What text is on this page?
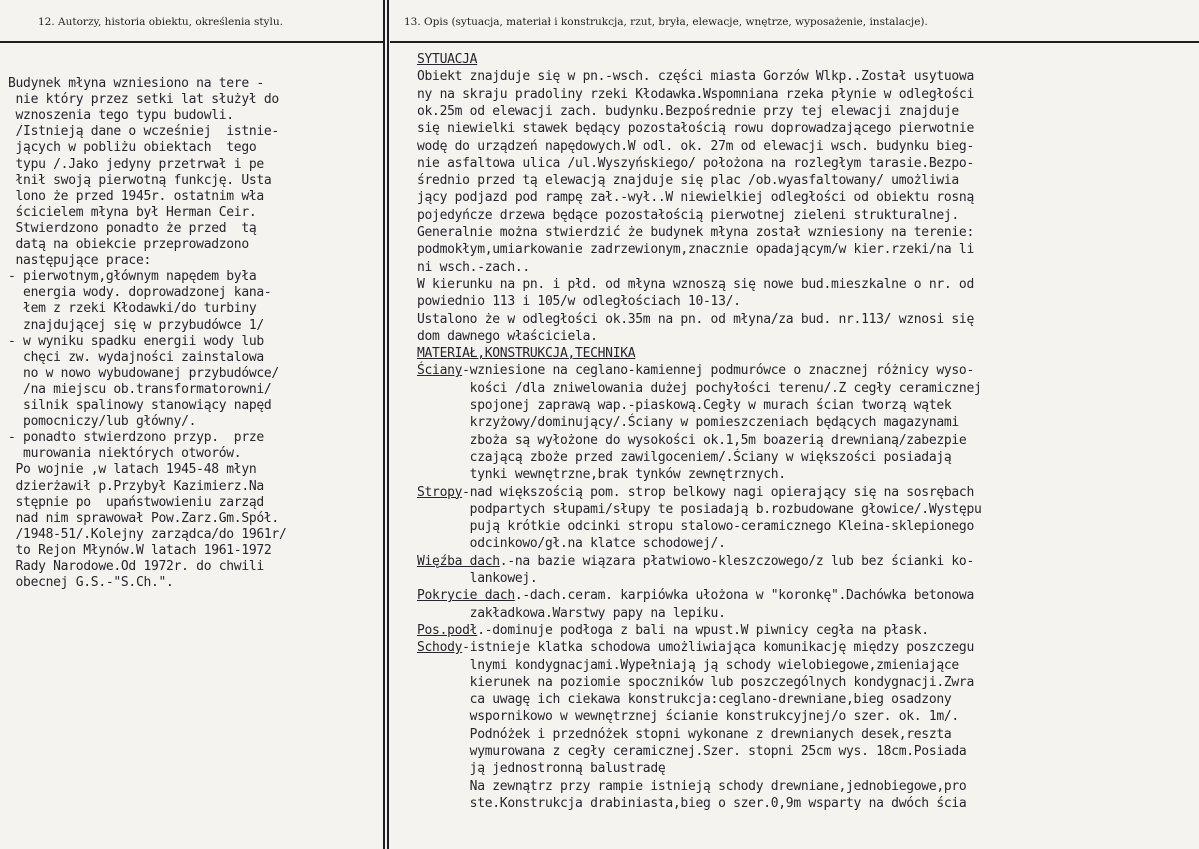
12. Autorzy, historia obiektu, określenia stylu.
Budynek młyna wzniesiono na tere -
nie który przez setki lat służył do
wznoszenia tego typu budowli.
/Istnieją dane o wcześniej  istnie-
jących w pobliżu obiektach  tego
typu /.Jako jedyny przetrwał i pe
łnił swoją pierwotną funkcję. Usta
lono że przed 1945r. ostatnim wła
ścicielem młyna był Herman Ceir.
Stwierdzono ponadto że przed  tą
datą na obiekcie przeprowadzono
następujące prace:
- pierwotnym,głównym napędem była
energia wody. doprowadzonej kana-
łem z rzeki Kłodawki/do turbiny
znajdującej się w przybudówce 1/
- w wyniku spadku energii wody lub
chęci zw. wydajności zainstalowa
no w nowo wybudowanej przybudówce/
/na miejscu ob.transformatorowni/
silnik spalinowy stanowiący napęd
pomocniczy/lub główny/.
- ponadto stwierdzono przyp.  prze
murowania niektórych otworów.
Po wojnie ,w latach 1945-48 młyn
dzierżawił p.Przybył Kazimierz.Na
stępnie po  upaństwowieniu zarząd
nad nim sprawował Pow.Zarz.Gm.Spół.
/1948-51/.Kolejny zarządca/do 1961r/
to Rejon Młynów.W latach 1961-1972
Rady Narodowe.Od 1972r. do chwili
obecnej G.S.-"S.Ch.".
13. Opis (sytuacja, materiał i konstrukcja, rzut, bryła, elewacje, wnętrze, wyposażenie, instalacje).
SYTUACJA
Obiekt znajduje się w pn.-wsch. części miasta Gorzów Wlkp..Został usytuowa
ny na skraju pradoliny rzeki Kłodawka.Wspomniana rzeka płynie w odległości
ok.25m od elewacji zach. budynku.Bezpośrednie przy tej elewacji znajduje
się niewielki stawek będący pozostałością rowu doprowadzającego pierwotnie
wodę do urządzeń napędowych.W odl. ok. 27m od elewacji wsch. budynku bieg-
nie asfaltowa ulica /ul.Wyszyńskiego/ położona na rozległym tarasie.Bezpo-
średnio przed tą elewacją znajduje się plac /ob.wyasfaltowany/ umożliwia
jący podjazd pod rampę zał.-wył..W niewielkiej odległości od obiektu rosną
pojedyńcze drzewa będące pozostałością pierwotnej zieleni strukturalnej.
Generalnie można stwierdzić że budynek młyna został wzniesiony na terenie:
podmokłym,umiarkowanie zadrzewionym,znacznie opadającym/w kier.rzeki/na li
ni wsch.-zach..
W kierunku na pn. i płd. od młyna wznoszą się nowe bud.mieszkalne o nr. od
powiednio 113 i 105/w odległościach 10-13/.
Ustalono że w odległości ok.35m na pn. od młyna/za bud. nr.113/ wznosi się
dom dawnego właściciela.
MATERIAŁ,KONSTRUKCJA,TECHNIKA
Ściany-wzniesione na ceglano-kamiennej podmurówce o znacznej różnicy wyso-
kości /dla zniwelowania dużej pochyłości terenu/.Z cegły ceramicznej
spojonej zaprawą wap.-piaskową.Cegły w murach ścian tworzą wątek
krzyżowy/dominujący/.Ściany w pomieszczeniach będących magazynami
zboża są wyłożone do wysokości ok.1,5m boazerią drewnianą/zabezpie
czającą zboże przed zawilgoceniem/.Ściany w większości posiadają
tynki wewnętrzne,brak tynków zewnętrznych.
Stropy-nad większością pom. strop belkowy nagi opierający się na sosrębach
podpartych słupami/słupy te posiadają b.rozbudowane głowice/.Występu
pują krótkie odcinki stropu stalowo-ceramicznego Kleina-sklepionego
odcinkowo/gł.na klatce schodowej/.
Więźba dach.-na bazie wiązara płatwiowo-kleszczowego/z lub bez ścianki ko-
lankowej.
Pokrycie dach.-dach.ceram. karpiówka ułożona w "koronkę".Dachówka betonowa
zakładkowa.Warstwy papy na lepiku.
Pos.podł.-dominuje podłoga z bali na wpust.W piwnicy cegła na płask.
Schody-istnieje klatka schodowa umożliwiająca komunikację między poszczegu
lnymi kondygnacjami.Wypełniają ją schody wielobiegowe,zmieniające
kierunek na poziomie spoczników lub poszczególnych kondygnacji.Zwra
ca uwagę ich ciekawa konstrukcja:ceglano-drewniane,bieg osadzony
wspornikowo w wewnętrznej ścianie konstrukcyjnej/o szer. ok. 1m/.
Podnóżek i przednóżek stopni wykonane z drewnianych desek,reszta
wymurowana z cegły ceramicznej.Szer. stopni 25cm wys. 18cm.Posiada
ją jednostronną balustradę
Na zewnątrz przy rampie istnieją schody drewniane,jednobiegowe,pro
ste.Konstrukcja drabiniasta,bieg o szer.0,9m wsparty na dwóch ścia
